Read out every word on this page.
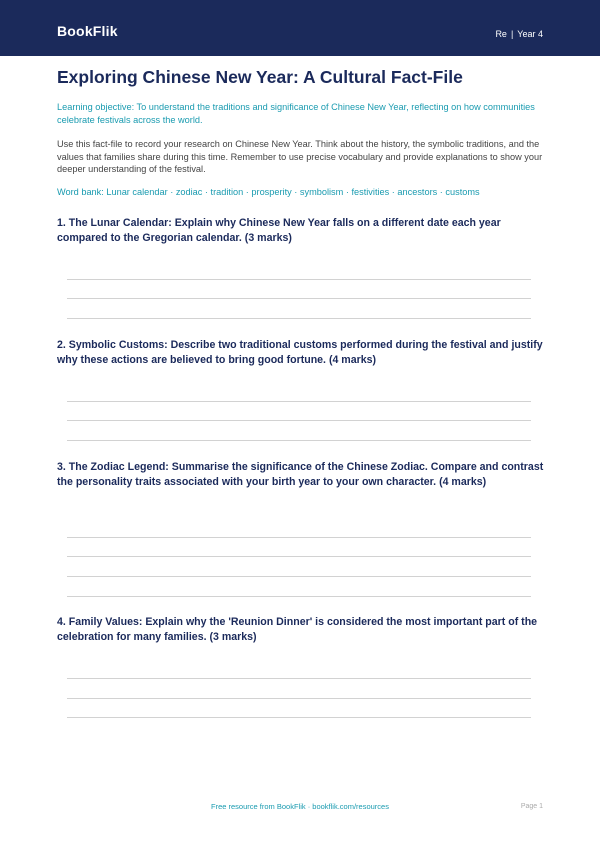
BookFlik	Re | Year 4
Exploring Chinese New Year: A Cultural Fact-File
Learning objective: To understand the traditions and significance of Chinese New Year, reflecting on how communities celebrate festivals across the world.
Use this fact-file to record your research on Chinese New Year. Think about the history, the symbolic traditions, and the values that families share during this time. Remember to use precise vocabulary and provide explanations to show your deeper understanding of the festival.
Word bank: Lunar calendar · zodiac · tradition · prosperity · symbolism · festivities · ancestors · customs
1. The Lunar Calendar: Explain why Chinese New Year falls on a different date each year compared to the Gregorian calendar. (3 marks)
2. Symbolic Customs: Describe two traditional customs performed during the festival and justify why these actions are believed to bring good fortune. (4 marks)
3. The Zodiac Legend: Summarise the significance of the Chinese Zodiac. Compare and contrast the personality traits associated with your birth year to your own character. (4 marks)
4. Family Values: Explain why the 'Reunion Dinner' is considered the most important part of the celebration for many families. (3 marks)
Free resource from BookFlik · bookflik.com/resources	Page 1
